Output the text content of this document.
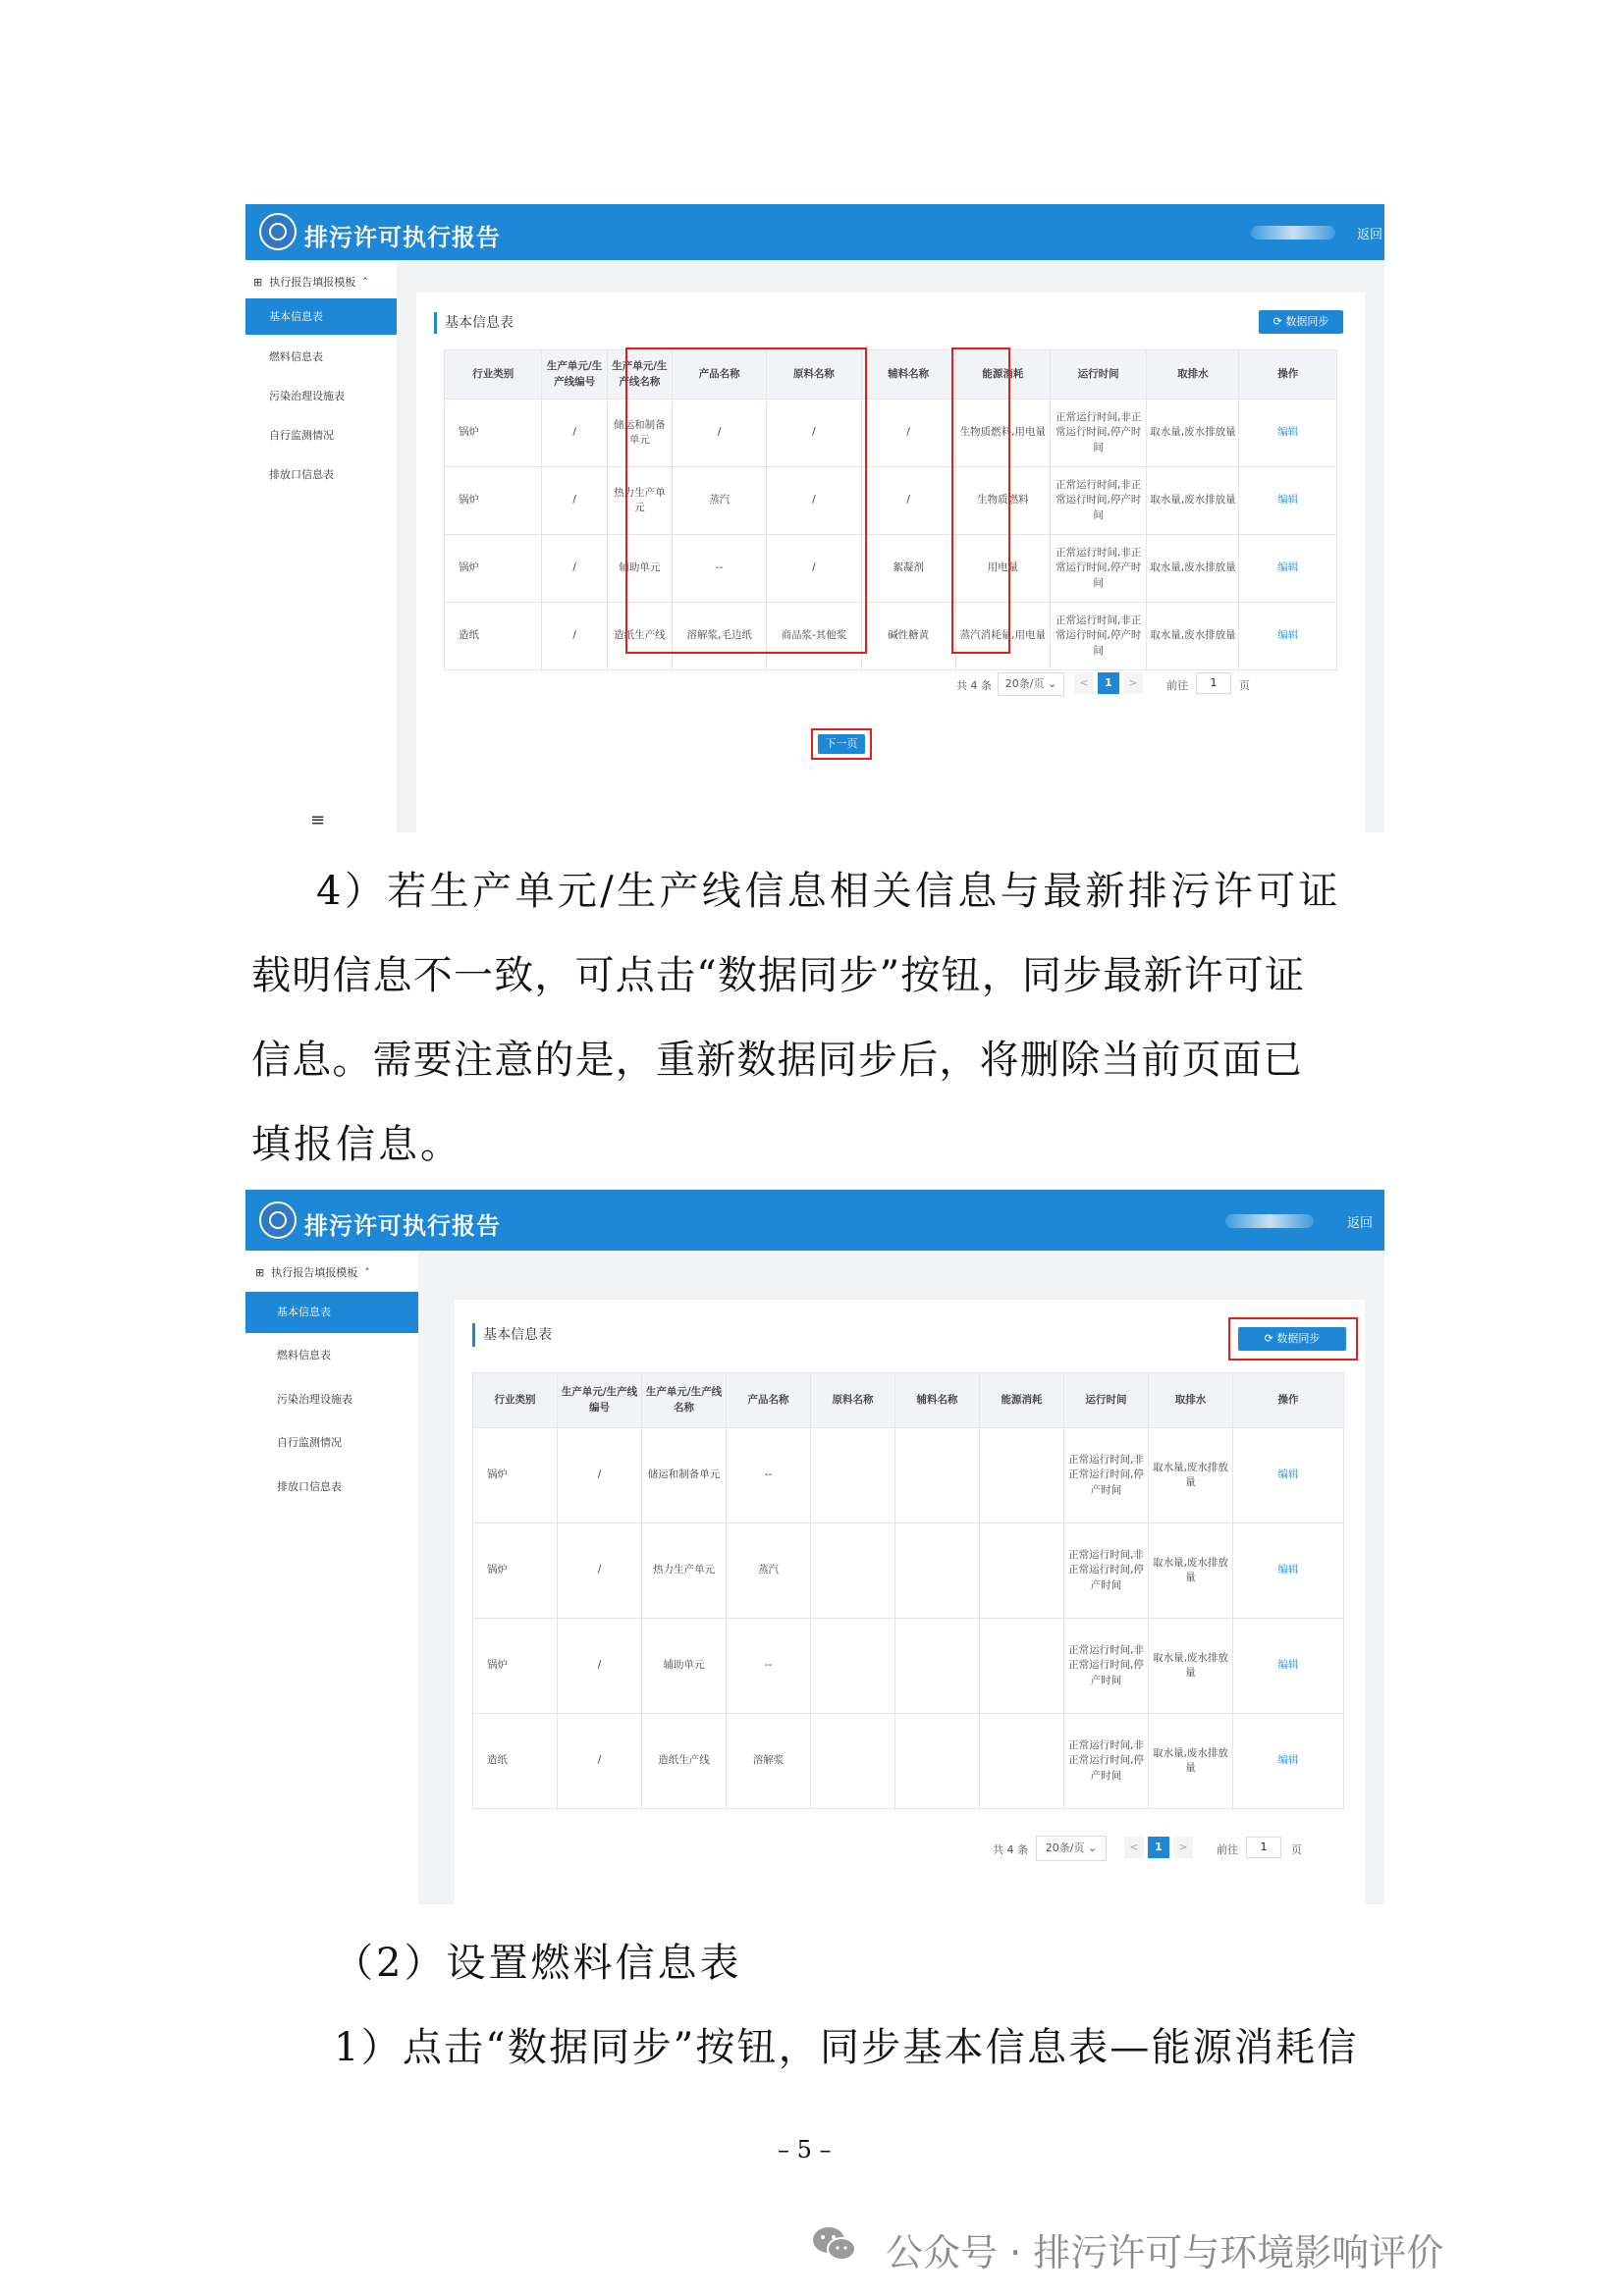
排污许可执行报告	返回
⊞ 执行报告填报模板  ˄
基本信息表
燃料信息表
污染治理设施表
自行监测情况
排放口信息表
≡
基本信息表	⟳ 数据同步
行业类别	生产单元/生产线编号	生产单元/生产线名称	产品名称	原料名称	辅料名称	能源消耗	运行时间	取排水	操作
锅炉	/	储运和制备单元	/	/	/	生物质燃料,用电量	正常运行时间,非正常运行时间,停产时间	取水量,废水排放量	编辑
锅炉	/	热力生产单元	蒸汽	/	/	生物质燃料	正常运行时间,非正常运行时间,停产时间	取水量,废水排放量	编辑
锅炉	/	辅助单元	--	/	絮凝剂	用电量	正常运行时间,非正常运行时间,停产时间	取水量,废水排放量	编辑
造纸	/	造纸生产线	溶解浆,毛边纸	商品浆-其他浆	碱性糖黄	蒸汽消耗量,用电量	正常运行时间,非正常运行时间,停产时间	取水量,废水排放量	编辑
共 4 条	20条/页 ⌄	<	1	>	前往	1	页
下一页
4）若生产单元/生产线信息相关信息与最新排污许可证
载明信息不一致，可点击“数据同步”按钮，同步最新许可证
信息。需要注意的是，重新数据同步后，将删除当前页面已
填报信息。
排污许可执行报告	返回
⊞ 执行报告填报模板  ˄
基本信息表
燃料信息表
污染治理设施表
自行监测情况
排放口信息表
基本信息表	⟳ 数据同步
行业类别	生产单元/生产线编号	生产单元/生产线名称	产品名称	原料名称	辅料名称	能源消耗	运行时间	取排水	操作
锅炉	/	储运和制备单元	--				正常运行时间,非正常运行时间,停产时间	取水量,废水排放量	编辑
锅炉	/	热力生产单元	蒸汽				正常运行时间,非正常运行时间,停产时间	取水量,废水排放量	编辑
锅炉	/	辅助单元	--				正常运行时间,非正常运行时间,停产时间	取水量,废水排放量	编辑
造纸	/	造纸生产线	溶解浆				正常运行时间,非正常运行时间,停产时间	取水量,废水排放量	编辑
共 4 条	20条/页 ⌄	<	1	>	前往	1	页
（2）设置燃料信息表
1）点击“数据同步”按钮，同步基本信息表—能源消耗信
– 5 –
公众号 · 排污许可与环境影响评价
